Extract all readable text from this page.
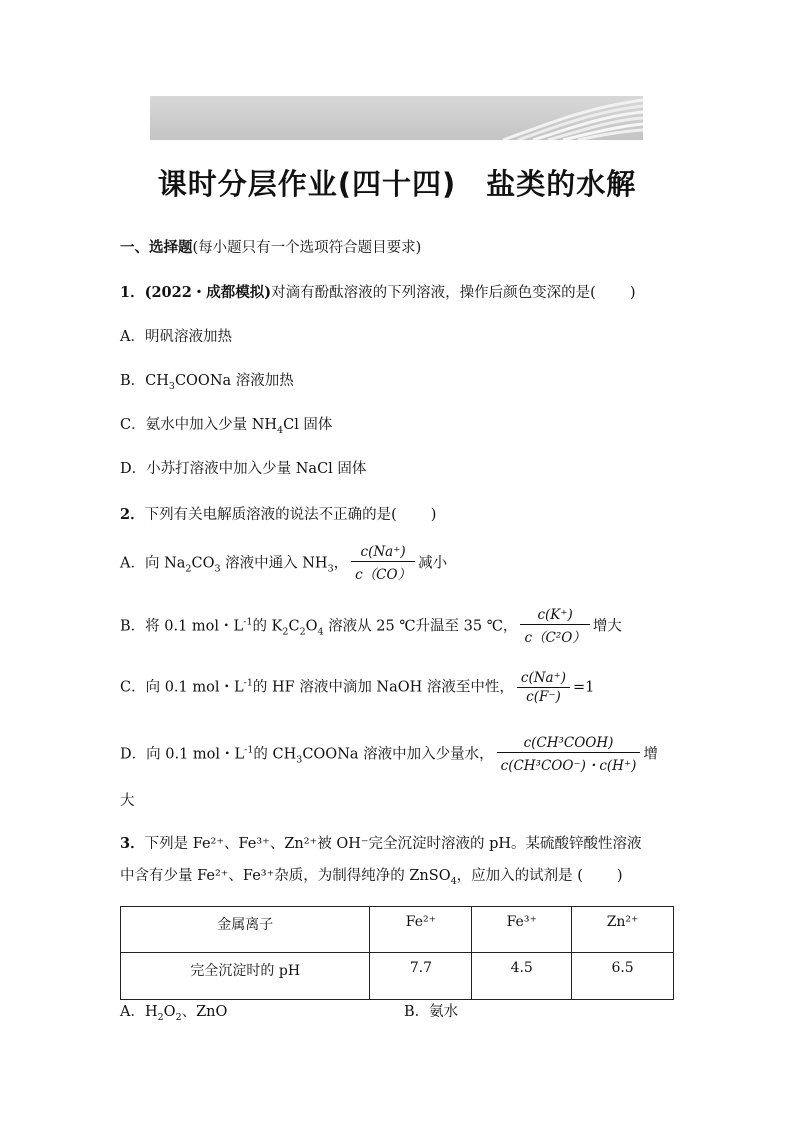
课时分层作业(四十四) 盐类的水解
一、选择题(每小题只有一个选项符合题目要求)
1．(2022・成都模拟)对滴有酚酞溶液的下列溶液，操作后颜色变深的是( )
A．明矾溶液加热
B．$CH_3COONa$ 溶液加热
C．氨水中加入少量 $NH_4Cl$ 固体
D．小苏打溶液中加入少量 NaCl 固体
2．下列有关电解质溶液的说法不正确的是( )
A．向 $Na_2CO_3$ 溶液中通入 $NH_3$， $\frac{c(Na^+)}{c(CO)}$ 减小
B．将 0.1 mol・$L^{-1}$的 $K_2C_2O_4$ 溶液从 25 ℃升温至 35 ℃， $\frac{c(K^+)}{\text{c（C²O）}}$ 增大
C．向 0.1 mol・$L^{-1}$的 HF 溶液中滴加 NaOH 溶液至中性， $\frac{c(Na^+)}{c(F^-)} =1$
D．向 0.1 mol・$L^{-1}$的 $CH_3COONa$ 溶液中加入少量水， $\frac{\text{c(CH³COOH)}}{\text{c(CH³COO⁻)・c(H⁺)}}$ 增
大
3．下列是 Fe²⁺、Fe³⁺、Zn²⁺被 OH⁻完全沉淀时溶液的 pH。某硫酸锌酸性溶液
中含有少量 Fe²⁺、Fe³⁺杂质，为制得纯净的 ZnSO$_4$，应加入的试剂是 ( )
金属离子	Fe²⁺	Fe³⁺	Zn²⁺
完全沉淀时的 pH	7.7	4.5	6.5
A．$H_2O_2$、ZnO	B．氨水
